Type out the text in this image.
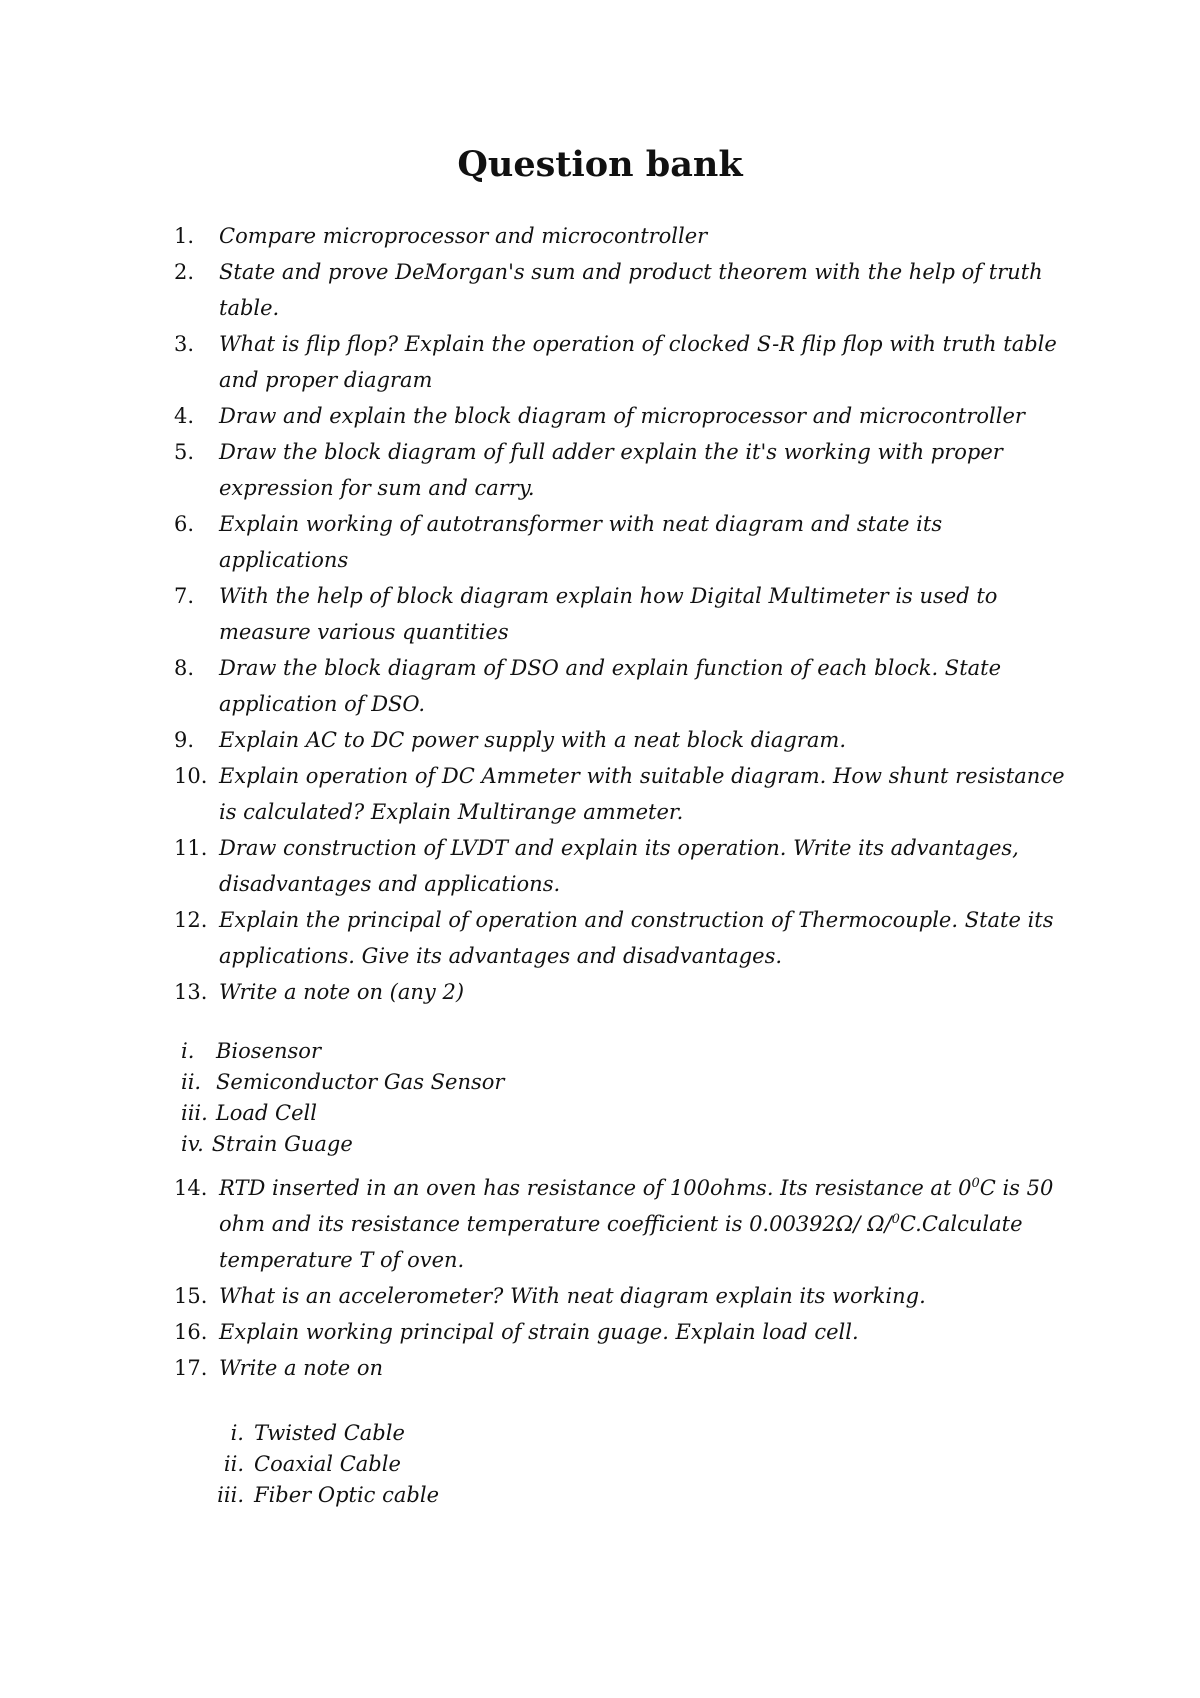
Question bank
1. Compare microprocessor and microcontroller
2. State and prove DeMorgan's sum and product theorem with the help of truth table.
3. What is flip flop? Explain the operation of clocked S-R flip flop with truth table and proper diagram
4. Draw and explain the block diagram of microprocessor and microcontroller
5. Draw the block diagram of full adder explain the it's working with proper expression for sum and carry.
6. Explain working of autotransformer with neat diagram and state its applications
7. With the help of block diagram explain how Digital Multimeter is used to measure various quantities
8. Draw the block diagram of DSO and explain function of each block. State application of DSO.
9. Explain AC to DC power supply with a neat block diagram.
10. Explain operation of DC Ammeter with suitable diagram. How shunt resistance is calculated? Explain Multirange ammeter.
11. Draw construction of LVDT and explain its operation. Write its advantages, disadvantages and applications.
12. Explain the principal of operation and construction of Thermocouple. State its applications. Give its advantages and disadvantages.
13. Write a note on (any 2)
i. Biosensor
ii. Semiconductor Gas Sensor
iii. Load Cell
iv. Strain Guage
14. RTD inserted in an oven has resistance of 100ohms. Its resistance at $0^0C$ is 50 ohm and its resistance temperature coefficient is 0.00392Ω/ Ω/$^0$C.Calculate temperature T of oven.
15. What is an accelerometer? With neat diagram explain its working.
16. Explain working principal of strain guage. Explain load cell.
17. Write a note on
i. Twisted Cable
ii. Coaxial Cable
iii. Fiber Optic cable
